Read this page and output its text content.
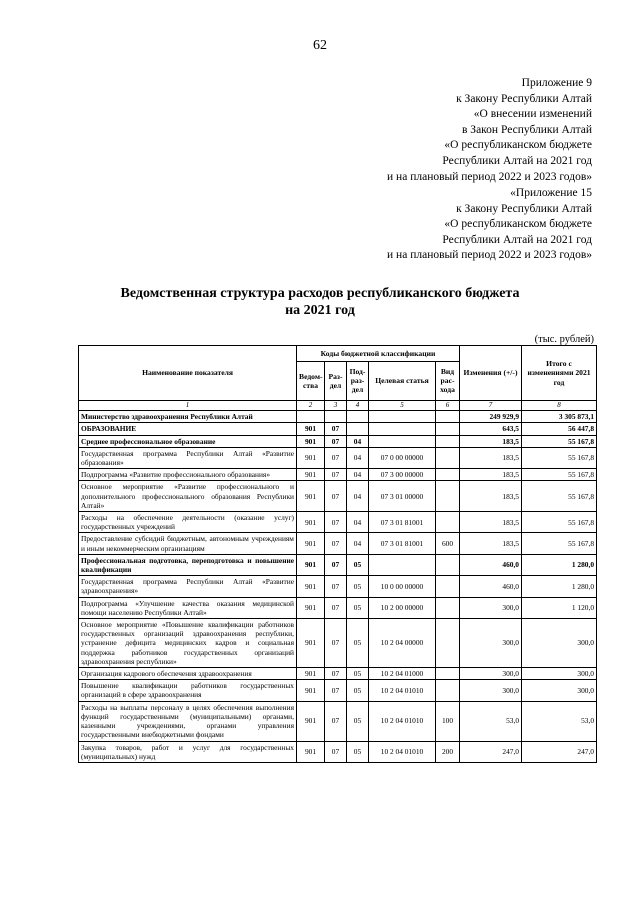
62
Приложение 9
к Закону Республики Алтай
«О внесении изменений
в Закон Республики Алтай
«О республиканском бюджете
Республики Алтай на 2021 год
и на плановый период 2022 и 2023 годов»
«Приложение 15
к Закону Республики Алтай
«О республиканском бюджете
Республики Алтай на 2021 год
и на плановый период 2022 и 2023 годов»
Ведомственная структура расходов республиканского бюджета
на 2021 год
(тыс. рублей)
Наименование показателя	Коды бюджетной классификации					Изменения (+/-)	Итого с изменениями 2021 год
	Ведом-ства	Раз-дел	Под-раз-дел	Целевая статья	Вид рас-хода		
1	2	3	4	5	6	7	8
Министерство здравоохранения Республики Алтай						249 929,9	3 305 873,1
ОБРАЗОВАНИЕ	901	07				643,5	56 447,8
Среднее профессиональное образование	901	07	04			183,5	55 167,8
Государственная программа Республики Алтай «Развитие образования»	901	07	04	07 0 00 00000		183,5	55 167,8
Подпрограмма «Развитие профессионального образования»	901	07	04	07 3 00 00000		183,5	55 167,8
Основное мероприятие «Развитие профессионального и дополнительного профессионального образования Республики Алтай»	901	07	04	07 3 01 00000		183,5	55 167,8
Расходы на обеспечение деятельности (оказание услуг) государственных учреждений	901	07	04	07 3 01 81001		183,5	55 167,8
Предоставление субсидий бюджетным, автономным учреждениям и иным некоммерческим организациям	901	07	04	07 3 01 81001	600	183,5	55 167,8
Профессиональная подготовка, переподготовка и повышение квалификации	901	07	05			460,0	1 280,0
Государственная программа Республики Алтай «Развитие здравоохранения»	901	07	05	10 0 00 00000		460,0	1 280,0
Подпрограмма «Улучшение качества оказания медицинской помощи населению Республики Алтай»	901	07	05	10 2 00 00000		300,0	1 120,0
Основное мероприятие «Повышение квалификации работников государственных организаций здравоохранения республики, устранение дефицита медицинских кадров и социальная поддержка работников государственных организаций здравоохранения республики»	901	07	05	10 2 04 00000		300,0	300,0
Организация кадрового обеспечения здравоохранения	901	07	05	10 2 04 01000		300,0	300,0
Повышение квалификации работников государственных организаций в сфере здравоохранения	901	07	05	10 2 04 01010		300,0	300,0
Расходы на выплаты персоналу в целях обеспечения выполнения функций государственными (муниципальными) органами, казенными учреждениями, органами управления государственными внебюджетными фондами	901	07	05	10 2 04 01010	100	53,0	53,0
Закупка товаров, работ и услуг для государственных (муниципальных) нужд	901	07	05	10 2 04 01010	200	247,0	247,0
